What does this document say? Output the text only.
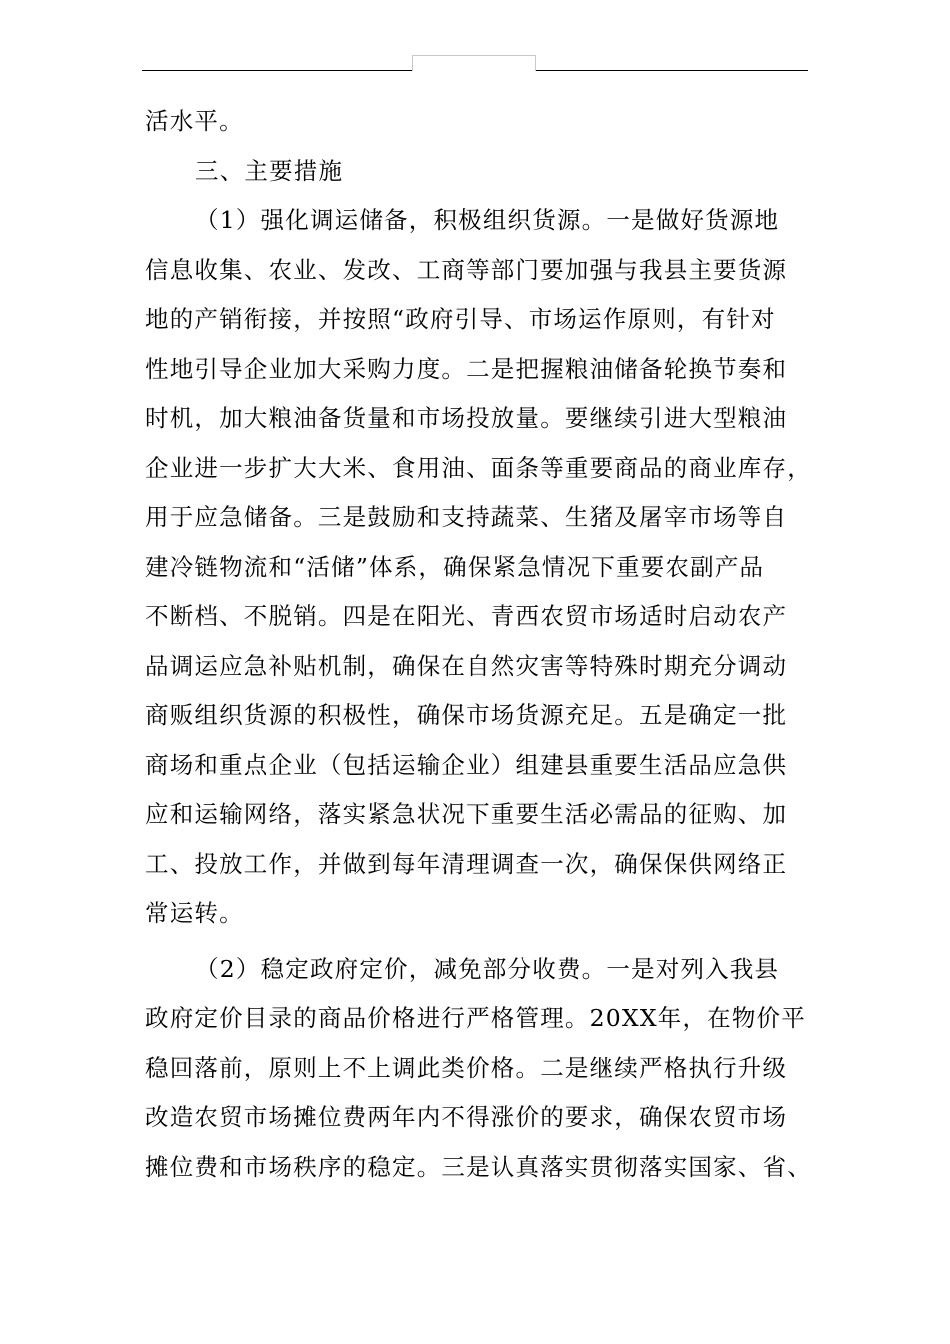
活水平。
三、主要措施
（1）强化调运储备，积极组织货源。一是做好货源地
信息收集、农业、发改、工商等部门要加强与我县主要货源
地的产销衔接，并按照“政府引导、市场运作原则，有针对
性地引导企业加大采购力度。二是把握粮油储备轮换节奏和
时机，加大粮油备货量和市场投放量。要继续引进大型粮油
企业进一步扩大大米、食用油、面条等重要商品的商业库存，
用于应急储备。三是鼓励和支持蔬菜、生猪及屠宰市场等自
建冷链物流和“活储”体系，确保紧急情况下重要农副产品
不断档、不脱销。四是在阳光、青西农贸市场适时启动农产
品调运应急补贴机制，确保在自然灾害等特殊时期充分调动
商贩组织货源的积极性，确保市场货源充足。五是确定一批
商场和重点企业（包括运输企业）组建县重要生活品应急供
应和运输网络，落实紧急状况下重要生活必需品的征购、加
工、投放工作，并做到每年清理调查一次，确保保供网络正
常运转。
（2）稳定政府定价，减免部分收费。一是对列入我县
政府定价目录的商品价格进行严格管理。20XX年，在物价平
稳回落前，原则上不上调此类价格。二是继续严格执行升级
改造农贸市场摊位费两年内不得涨价的要求，确保农贸市场
摊位费和市场秩序的稳定。三是认真落实贯彻落实国家、省、
